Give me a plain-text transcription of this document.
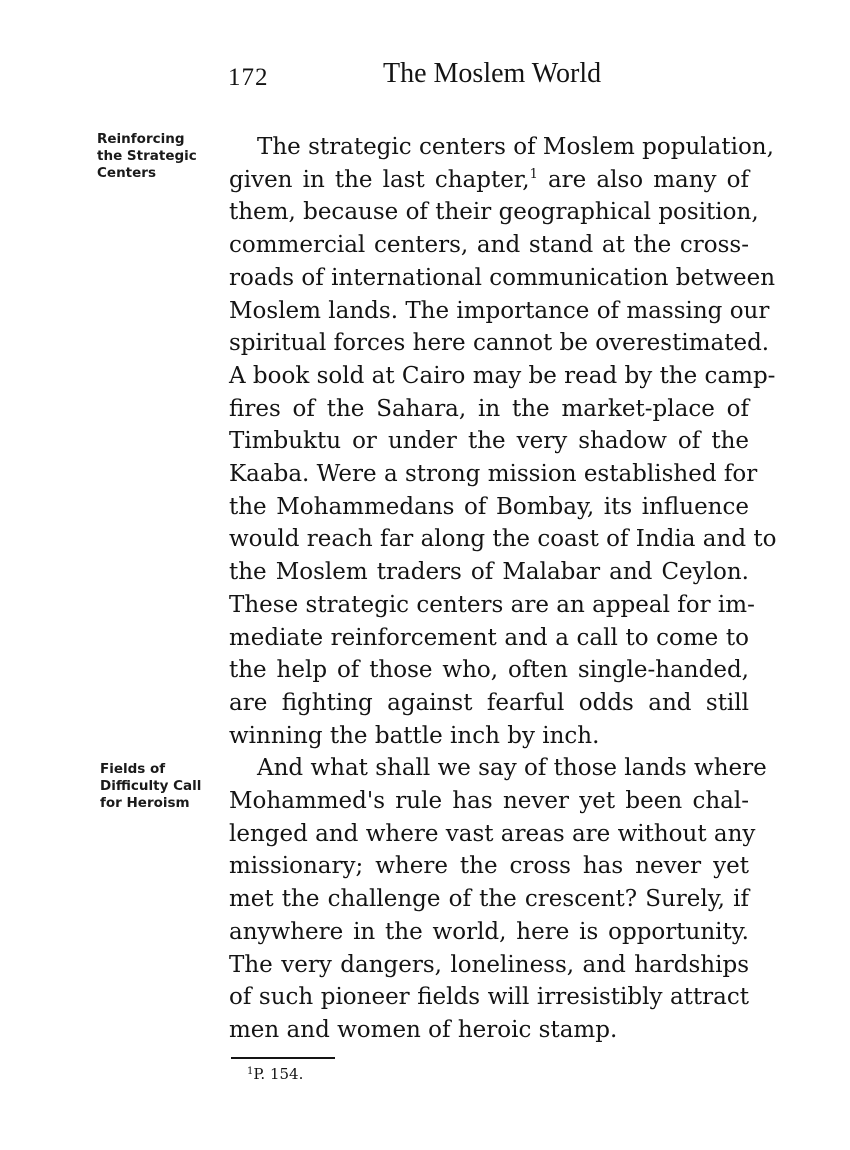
172	The Moslem World
Reinforcing
the Strategic
Centers
Fields of
Difficulty Call
for Heroism
The strategic centers of Moslem population,
given in the last chapter,$^1$ are also many of
them, because of their geographical position,
commercial centers, and stand at the cross-
roads of international communication between
Moslem lands. The importance of massing our
spiritual forces here cannot be overestimated.
A book sold at Cairo may be read by the camp-
fires of the Sahara, in the market-place of
Timbuktu or under the very shadow of the
Kaaba. Were a strong mission established for
the Mohammedans of Bombay, its influence
would reach far along the coast of India and to
the Moslem traders of Malabar and Ceylon.
These strategic centers are an appeal for im-
mediate reinforcement and a call to come to
the help of those who, often single-handed,
are fighting against fearful odds and still
winning the battle inch by inch.
And what shall we say of those lands where
Mohammed's rule has never yet been chal-
lenged and where vast areas are without any
missionary; where the cross has never yet
met the challenge of the crescent? Surely, if
anywhere in the world, here is opportunity.
The very dangers, loneliness, and hardships
of such pioneer fields will irresistibly attract
men and women of heroic stamp.
$^1$P. 154.
